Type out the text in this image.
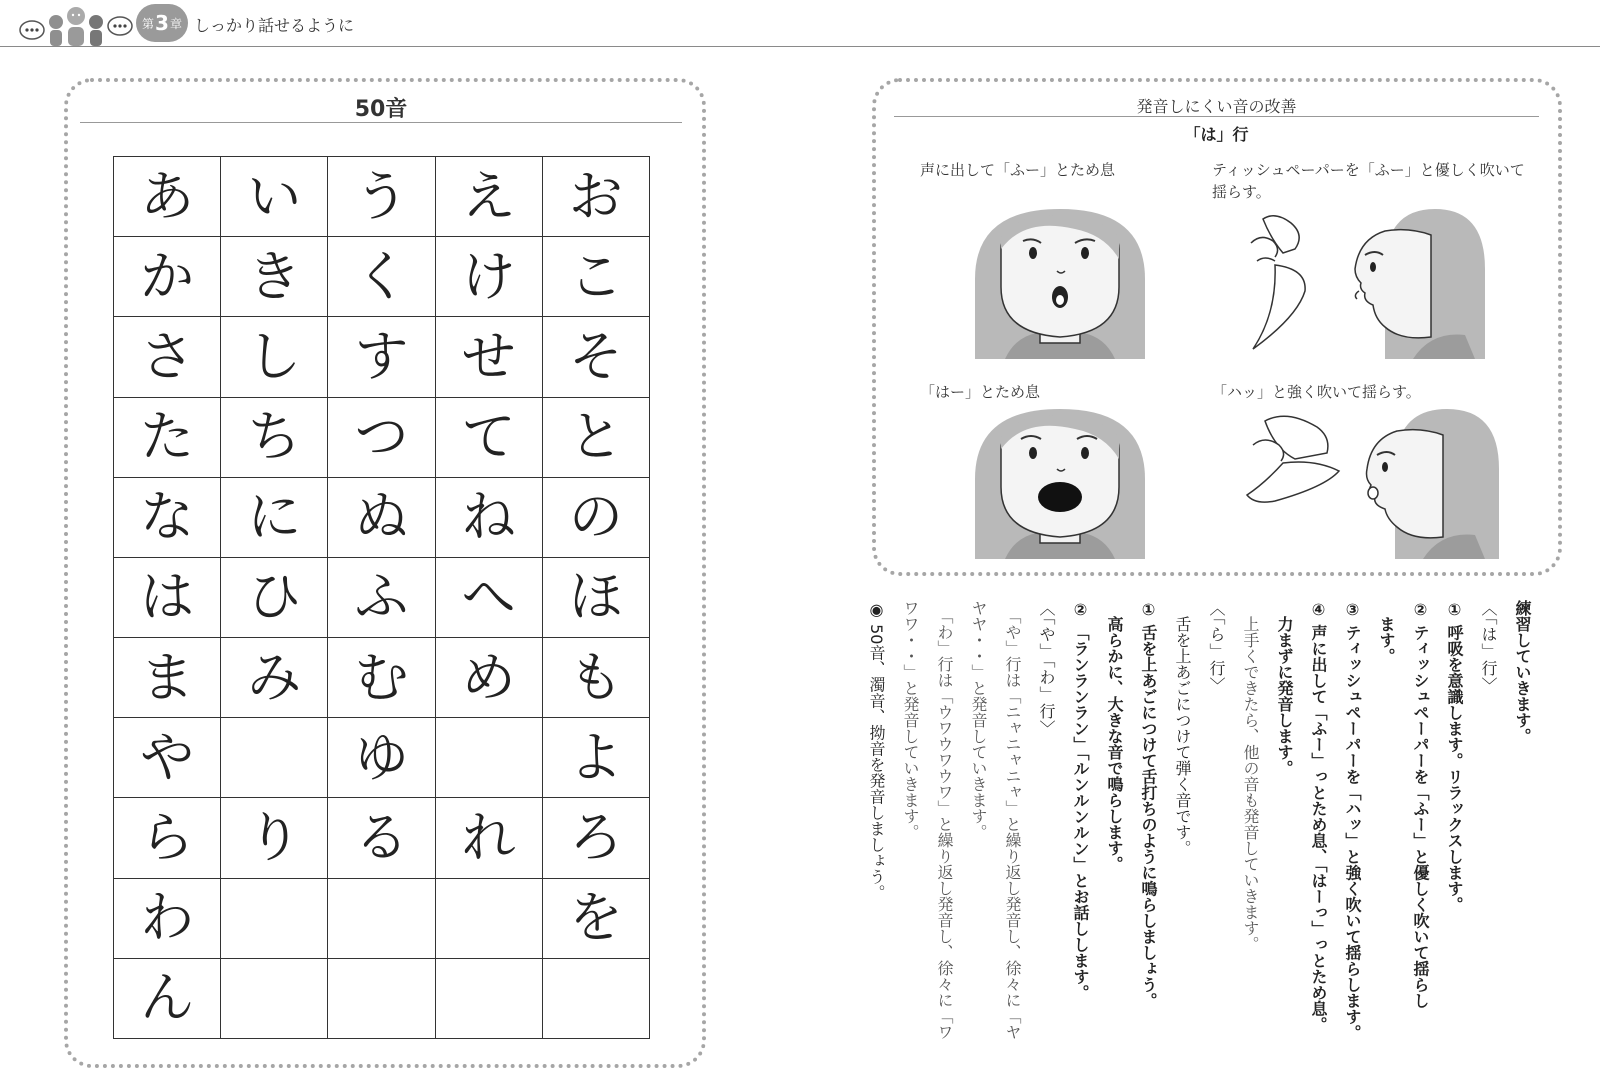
第 3 章 しっかり話せるように
50音
あ	い	う	え	お
か	き	く	け	こ
さ	し	す	せ	そ
た	ち	つ	て	と
な	に	ぬ	ね	の
は	ひ	ふ	へ	ほ
ま	み	む	め	も
や		ゆ		よ
ら	り	る	れ	ろ
わ				を
ん				
発音しにくい音の改善
「は」行
声に出して「ふー」とため息	ティッシュペーパーを「ふー」と優しく吹いて揺らす。
「はー」とため息	「ハッ」と強く吹いて揺らす。
練習していきます。
〈「は」行〉
① 呼吸を意識します。リラックスします。
② ティッシュペーパーを「ふー」と優しく吹いて揺らし
　ます。
③ ティッシュペーパーを「ハッ」と強く吹いて揺らします。
④ 声に出して「ふー」っとため息、「はーっ」っとため息。
　力まずに発音します。
　上手くできたら、他の音も発音していきます。
〈「ら」行〉
　舌を上あごにつけて弾く音です。
① 舌を上あごにつけて舌打ちのように鳴らしましょう。
　高らかに、大きな音で鳴らします。
② 「ランランラン」「ルンルンルン」とお話しします。
〈「や」「わ」行〉
　「や」行は「ニャニャニャ」と繰り返し発音し、徐々に「ヤ
ヤヤ・・」と発音していきます。
　「わ」行は「ウワウワウワ」と繰り返し発音し、徐々に「ワ
ワワ・・」と発音していきます。
◉ 50音、濁音、拗音を発音しましょう。
